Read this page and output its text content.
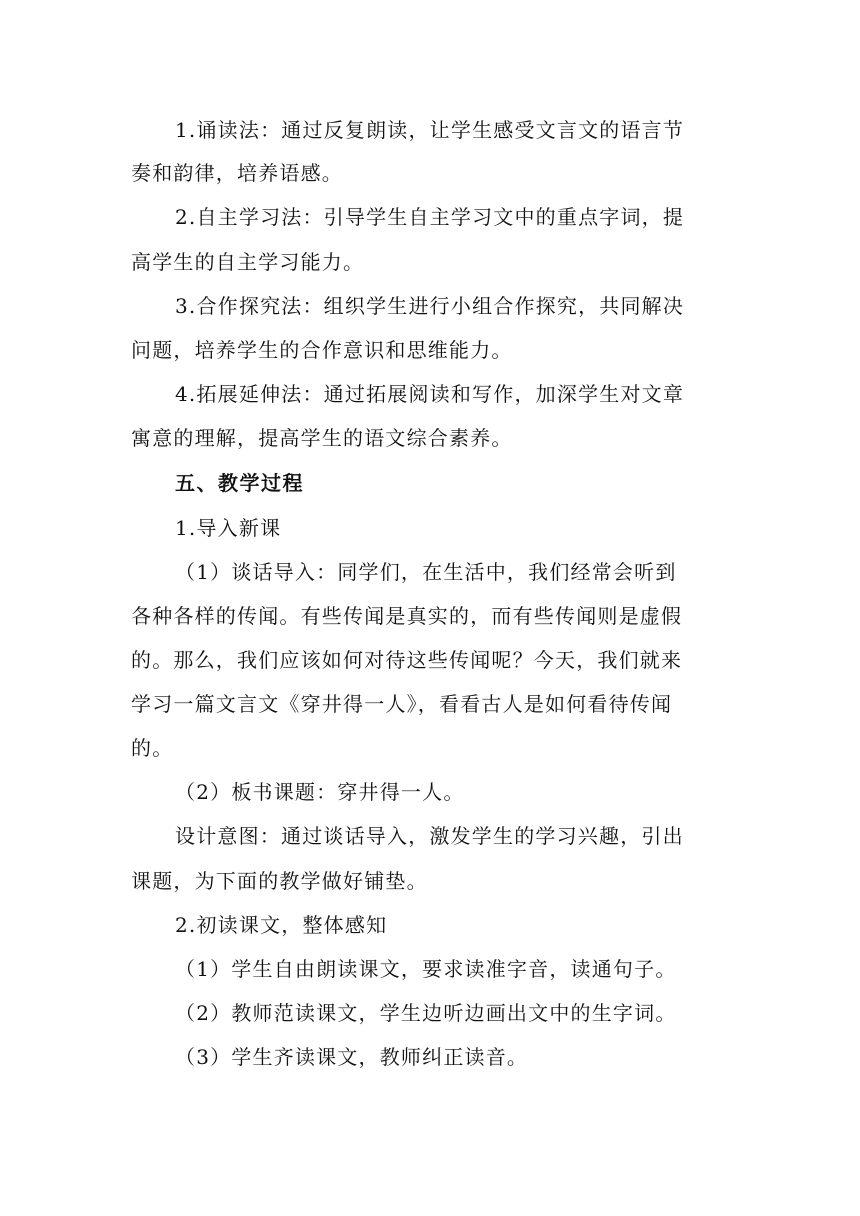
1.诵读法：通过反复朗读，让学生感受文言文的语言节
奏和韵律，培养语感。
2.自主学习法：引导学生自主学习文中的重点字词，提
高学生的自主学习能力。
3.合作探究法：组织学生进行小组合作探究，共同解决
问题，培养学生的合作意识和思维能力。
4.拓展延伸法：通过拓展阅读和写作，加深学生对文章
寓意的理解，提高学生的语文综合素养。
五、教学过程
1.导入新课
（1）谈话导入：同学们，在生活中，我们经常会听到
各种各样的传闻。有些传闻是真实的，而有些传闻则是虚假
的。那么，我们应该如何对待这些传闻呢？今天，我们就来
学习一篇文言文《穿井得一人》，看看古人是如何看待传闻
的。
（2）板书课题：穿井得一人。
设计意图：通过谈话导入，激发学生的学习兴趣，引出
课题，为下面的教学做好铺垫。
2.初读课文，整体感知
（1）学生自由朗读课文，要求读准字音，读通句子。
（2）教师范读课文，学生边听边画出文中的生字词。
（3）学生齐读课文，教师纠正读音。
